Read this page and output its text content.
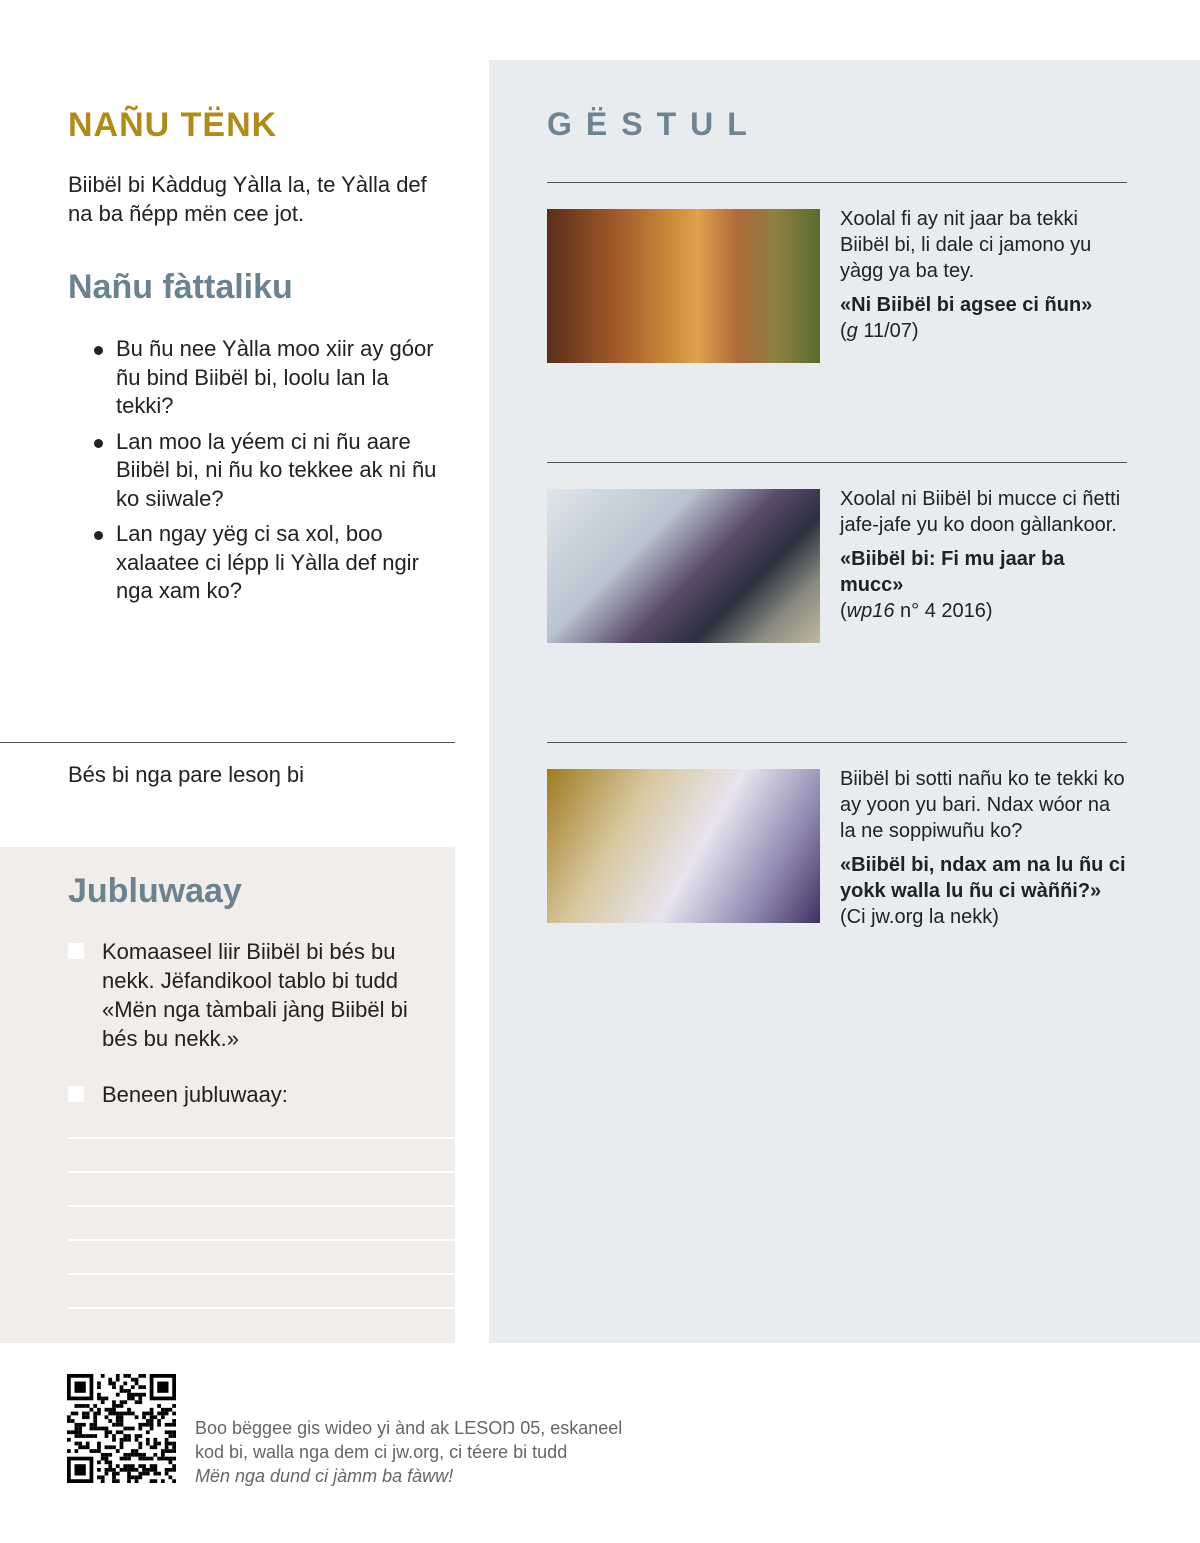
NAÑU TËNK

Biibël bi Kàddug Yàlla la, te Yàlla def na ba ñépp mën cee jot.

Nañu fàttaliku
Bu ñu nee Yàlla moo xiir ay góor ñu bind Biibël bi, loolu lan la tekki?
Lan moo la yéem ci ni ñu aare Biibël bi, ni ñu ko tekkee ak ni ñu ko siiwale?
Lan ngay yëg ci sa xol, boo xalaatee ci lépp li Yàlla def ngir nga xam ko?
Bés bi nga pare lesoŋ bi
Jubluwaay
Komaaseel liir Biibël bi bés bu nekk. Jëfandikool tablo bi tudd «Mën nga tàmbali jàng Biibël bi bés bu nekk.»
Beneen jubluwaay:
GËSTUL
Xoolal fi ay nit jaar ba tekki Biibël bi, li dale ci jamono yu yàgg ya ba tey.
«Ni Biibël bi agsee ci ñun»
(g 11/07)
Xoolal ni Biibël bi mucce ci ñetti jafe-jafe yu ko doon gàllankoor.
«Biibël bi: Fi mu jaar ba mucc»
(wp16 n° 4 2016)
Biibël bi sotti nañu ko te tekki ko ay yoon yu bari. Ndax wóor na la ne soppiwuñu ko?
«Biibël bi, ndax am na lu ñu ci yokk walla lu ñu ci wàññi?»
(Ci jw.org la nekk)
Boo bëggee gis wideo yi ànd ak LESOŊ 05, eskaneel
kod bi, walla nga dem ci jw.org, ci téere bi tudd
Mën nga dund ci jàmm ba fàww!
